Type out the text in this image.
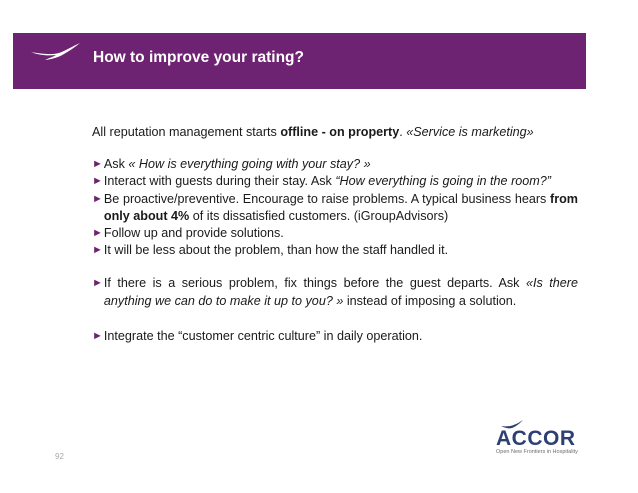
How to improve your rating?

All reputation management starts offline - on property. «Service is marketing»

► Ask « How is everything going with your stay? »
► Interact with guests during their stay. Ask “How everything is going in the room?”
► Be proactive/preventive. Encourage to raise problems. A typical business hears from only about 4% of its dissatisfied customers. (iGroupAdvisors)
► Follow up and provide solutions.
► It will be less about the problem, than how the staff handled it.
► If there is a serious problem, fix things before the guest departs. Ask «Is there anything we can do to make it up to you? » instead of imposing a solution.
► Integrate the “customer centric culture” in daily operation.
92
ACCOR
Open New Frontiers in Hospitality
